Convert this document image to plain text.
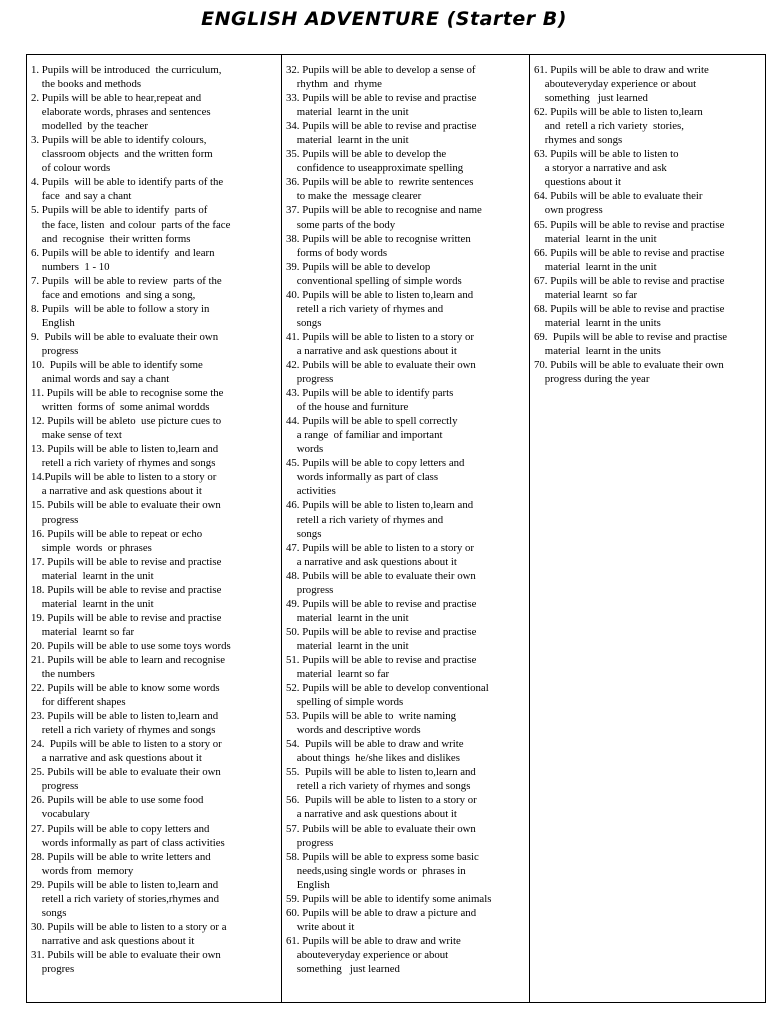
ENGLISH ADVENTURE (Starter B)

1. Pupils will be introduced  the curriculum,

the books and methods

2. Pupils will be able to hear,repeat and

elaborate words, phrases and sentences

modelled  by the teacher

3. Pupils will be able to identify colours,

classroom objects  and the written form

of colour words

4. Pupils  will be able to identify parts of the

face  and say a chant

5. Pupils will be able to identify  parts of

the face, listen  and colour  parts of the face

and  recognise  their written forms

6. Pupils will be able to identify  and learn

numbers  1 - 10

7. Pupils  will be able to review  parts of the

face and emotions  and sing a song,

8. Pupils  will be able to follow a story in

English

9.  Pubils will be able to evaluate their own

progress

10.  Pupils will be able to identify some

animal words and say a chant

11. Pupils will be able to recognise some the

written  forms of  some animal wordds

12. Pupils will be ableto  use picture cues to

make sense of text

13. Pupils will be able to listen to,learn and

retell a rich variety of rhymes and songs

14.Pupils will be able to listen to a story or

a narrative and ask questions about it

15. Pubils will be able to evaluate their own

progress

16. Pupils will be able to repeat or echo

simple  words  or phrases

17. Pupils will be able to revise and practise

material  learnt in the unit

18. Pupils will be able to revise and practise

material  learnt in the unit

19. Pupils will be able to revise and practise

material  learnt so far

20. Pupils will be able to use some toys words

21. Pupils will be able to learn and recognise

the numbers

22. Pupils will be able to know some words

for different shapes

23. Pupils will be able to listen to,learn and

retell a rich variety of rhymes and songs

24.  Pupils will be able to listen to a story or

a narrative and ask questions about it

25. Pubils will be able to evaluate their own

progress

26. Pupils will be able to use some food

vocabulary

27. Pupils will be able to copy letters and

words informally as part of class activities

28. Pupils will be able to write letters and

words from  memory

29. Pupils will be able to listen to,learn and

retell a rich variety of stories,rhymes and

songs

30. Pupils will be able to listen to a story or a

narrative and ask questions about it

31. Pubils will be able to evaluate their own

progres

32. Pupils will be able to develop a sense of

rhythm  and  rhyme

33. Pupils will be able to revise and practise

material  learnt in the unit

34. Pupils will be able to revise and practise

material  learnt in the unit

35. Pupils will be able to develop the

confidence to useapproximate spelling

36. Pupils will be able to  rewrite sentences

to make the  message clearer

37. Pupils will be able to recognise and name

some parts of the body

38. Pupils will be able to recognise written

forms of body words

39. Pupils will be able to develop

conventional spelling of simple words

40. Pupils will be able to listen to,learn and

retell a rich variety of rhymes and

songs

41. Pupils will be able to listen to a story or

a narrative and ask questions about it

42. Pubils will be able to evaluate their own

progress

43. Pupils will be able to identify parts

of the house and furniture

44. Pupils will be able to spell correctly

a range  of familiar and important

words

45. Pupils will be able to copy letters and

words informally as part of class

activities

46. Pupils will be able to listen to,learn and

retell a rich variety of rhymes and

songs

47. Pupils will be able to listen to a story or

a narrative and ask questions about it

48. Pubils will be able to evaluate their own

progress

49. Pupils will be able to revise and practise

material  learnt in the unit

50. Pupils will be able to revise and practise

material  learnt in the unit

51. Pupils will be able to revise and practise

material  learnt so far

52. Pupils will be able to develop conventional

spelling of simple words

53. Pupils will be able to  write naming

words and descriptive words

54.  Pupils will be able to draw and write

about things  he/she likes and dislikes

55.  Pupils will be able to listen to,learn and

retell a rich variety of rhymes and songs

56.  Pupils will be able to listen to a story or

a narrative and ask questions about it

57. Pubils will be able to evaluate their own

progress

58. Pupils will be able to express some basic

needs,using single words or  phrases in

English

59. Pupils will be able to identify some animals

60. Pupils will be able to draw a picture and

write about it

61. Pupils will be able to draw and write

abouteveryday experience or about

something   just learned

61. Pupils will be able to draw and write

abouteveryday experience or about

something   just learned

62. Pupils will be able to listen to,learn

and  retell a rich variety  stories,

rhymes and songs

63. Pupils will be able to listen to

a storyor a narrative and ask

questions about it

64. Pubils will be able to evaluate their

own progress

65. Pupils will be able to revise and practise

material  learnt in the unit

66. Pupils will be able to revise and practise

material  learnt in the unit

67. Pupils will be able to revise and practise

material learnt  so far

68. Pupils will be able to revise and practise

material  learnt in the units

69.  Pupils will be able to revise and practise

material  learnt in the units

70. Pubils will be able to evaluate their own

progress during the year
